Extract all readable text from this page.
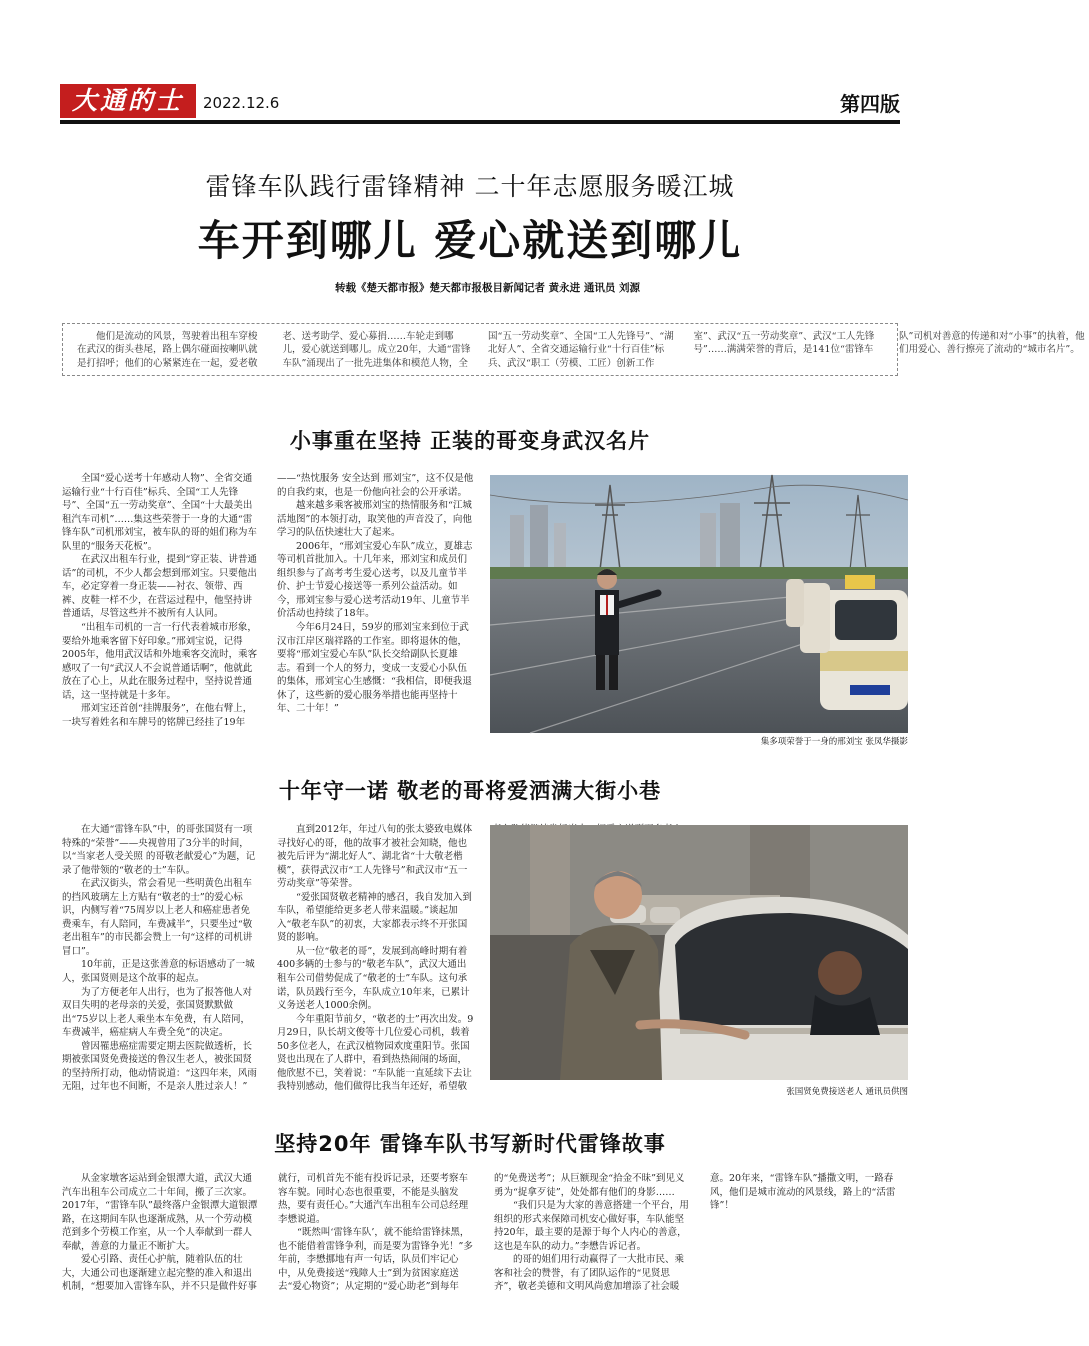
大通的士	2022.12.6	第四版
雷锋车队践行雷锋精神 二十年志愿服务暖江城
车开到哪儿 爱心就送到哪儿
转载《楚天都市报》楚天都市报极目新闻记者 黄永进 通讯员 刘源
他们是流动的风景，驾驶着出租车穿梭在武汉的街头巷尾，路上偶尔碰面按喇叭就是打招呼；他们的心紧紧连在一起，爱老敬老、送考助学、爱心募捐……车轮走到哪儿，爱心就送到哪儿。成立20年，大通“雷锋车队”涌现出了一批先进集体和模范人物，全国“五一劳动奖章”、全国“工人先锋号”、“湖北好人”、全省交通运输行业“十行百佳”标兵、武汉“职工（劳模、工匠）创新工作室”、武汉“五一劳动奖章”、武汉“工人先锋号”……满满荣誉的背后，是141位“雷锋车队”司机对善意的传递和对“小事”的执着，他们用爱心、善行擦亮了流动的“城市名片”。
小事重在坚持 正装的哥变身武汉名片

全国“爱心送考十年感动人物”、全省交通运输行业“十行百佳”标兵、全国“工人先锋号”、全国“五一劳动奖章”、全国“十大最美出租汽车司机”……集这些荣誉于一身的大通“雷锋车队”司机邢刘宝，被车队的哥的姐们称为车队里的“服务天花板”。

在武汉出租车行业，提到“穿正装、讲普通话”的司机，不少人都会想到邢刘宝。只要他出车，必定穿着一身正装——衬衣、领带、西裤、皮鞋一样不少，在营运过程中，他坚持讲普通话，尽管这些并不被所有人认同。

“出租车司机的一言一行代表着城市形象，要给外地乘客留下好印象。”邢刘宝说，记得2005年，他用武汉话和外地乘客交流时，乘客感叹了一句“武汉人不会说普通话啊”，他就此放在了心上，从此在服务过程中，坚持说普通话，这一坚持就是十多年。

邢刘宝还首创“挂牌服务”，在他右臂上，一块写着姓名和车牌号的铭牌已经挂了19年——“热忱服务 安全达到 邢刘宝”，这不仅是他的自我约束，也是一份他向社会的公开承诺。

越来越多乘客被邢刘宝的热情服务和“江城活地图”的本领打动，取笑他的声音没了，向他学习的队伍快速壮大了起来。

2006年，“邢刘宝爱心车队”成立，夏雄志等司机首批加入。十几年来，邢刘宝和成员们组织参与了高考考生爱心送考，以及儿童节半价、护士节爱心接送等一系列公益活动。如今，邢刘宝参与爱心送考活动19年、儿童节半价活动也持续了18年。

今年6月24日，59岁的邢刘宝来到位于武汉市江岸区瑞祥路的工作室。即将退休的他，要将“邢刘宝爱心车队”队长交给副队长夏雄志。看到一个人的努力，变成一支爱心小队伍的集体，邢刘宝心生感慨：“我相信，即便我退休了，这些新的爱心服务举措也能再坚持十年、二十年！”

集多项荣誉于一身的邢刘宝 张凤华摄影
十年守一诺 敬老的哥将爱洒满大街小巷

在大通“雷锋车队”中，的哥张国贤有一项特殊的“荣誉”——央视曾用了3分半的时间，以“当家老人受关照 的哥敬老献爱心”为题，记录了他带领的“敬老的士”车队。

在武汉街头，常会看见一些明黄色出租车的挡风玻璃左上方贴有“敬老的士”的爱心标识，内侧写着“75周岁以上老人和癌症患者免费乘车，有人陪同，车费减半”，只要坐过“敬老出租车”的市民都会赞上一句“这样的司机讲冒口”。

10年前，正是这张善意的标语感动了一城人，张国贤则是这个故事的起点。

为了方便老年人出行，也为了报答他人对双目失明的老母亲的关爱，张国贤默默做出“75岁以上老人乘坐本车免费，有人陪同，车费减半，癌症病人车费全免”的决定。

曾因罹患癌症需要定期去医院做透析，长期被张国贤免费接送的鲁汉生老人，被张国贤的坚持所打动，他动情说道：“这四年来，风雨无阻，过年也不间断，不是亲人胜过亲人！”

直到2012年，年过八旬的张太婆致电媒体寻找好心的哥，他的故事才被社会知晓，他也被先后评为“湖北好人”、湖北省“十大敬老楷模”，获得武汉市“工人先锋号”和武汉市“五一劳动奖章”等荣誉。

“爱张国贤敬老精神的感召，我自发加入到车队，希望能给更多老人带来温暖。”谈起加入“敬老车队”的初衷，大家都表示终不开张国贤的影响。

从一位“敬老的哥”，发展到高峰时期有着400多辆的士参与的“敬老车队”，武汉大通出租车公司借势促成了“敬老的士”车队。这句承诺，队员践行至今，车队成立10年来，已累计义务送老人1000余例。

今年重阳节前夕，“敬老的士”再次出发。9月29日，队长胡文俊等十几位爱心司机，载着50多位老人，在武汉植物园欢度重阳节。张国贤也出现在了人群中，看到热热闹闹的场面，他欣慰不已，笑着说：“车队能一直延续下去让我特别感动，他们做得比我当年还好，希望敬	张国贤免费接送老人 通讯员供图
坚持20年 雷锋车队书写新时代雷锋故事

从金家墩客运站到金银潭大道，武汉大通汽车出租车公司成立二十年间，搬了三次家。2017年，“雷锋车队”最终落户金银潭大道银潭路，在这期间车队也逐渐成熟，从一个劳动模范到多个劳模工作室，从一个人奉献到一群人奉献，善意的力量正不断扩大。

爱心引路、责任心护航，随着队伍的壮大，大通公司也逐渐建立起完整的准入和退出机制，“想要加入雷锋车队，并不只是做件好事就行，司机首先不能有投诉记录，还要考察车容车貌。同时心态也很重要，不能是头脑发热，要有责任心。”大通汽车出租车公司总经理李懋说道。

“既然叫‘雷锋车队’，就不能给雷锋抹黑，也不能借着雷锋争利，而是要为雷锋争光！”多年前，李懋挪地有声一句话，队员们牢记心中，从免费接送“残障人士”到为贫困家庭送去“爱心物资”；从定期的“爱心助老”到每年的“免费送考”；从巨额现金“拾金不昧”到见义勇为“捉拿歹徒”，处处都有他们的身影……

“我们只是为大家的善意搭建一个平台，用组织的形式来保障司机安心做好事，车队能坚持20年，最主要的是源于每个人内心的善意，这也是车队的动力。”李懋告诉记者。

的哥的姐们用行动赢得了一大批市民、乘客和社会的赞誉，有了团队运作的“见贤思齐”，敬老美德和文明风尚愈加增添了社会暖意。20年来，“雷锋车队”播撒文明，一路春风，他们是城市流动的风景线，路上的“活雷锋”！
